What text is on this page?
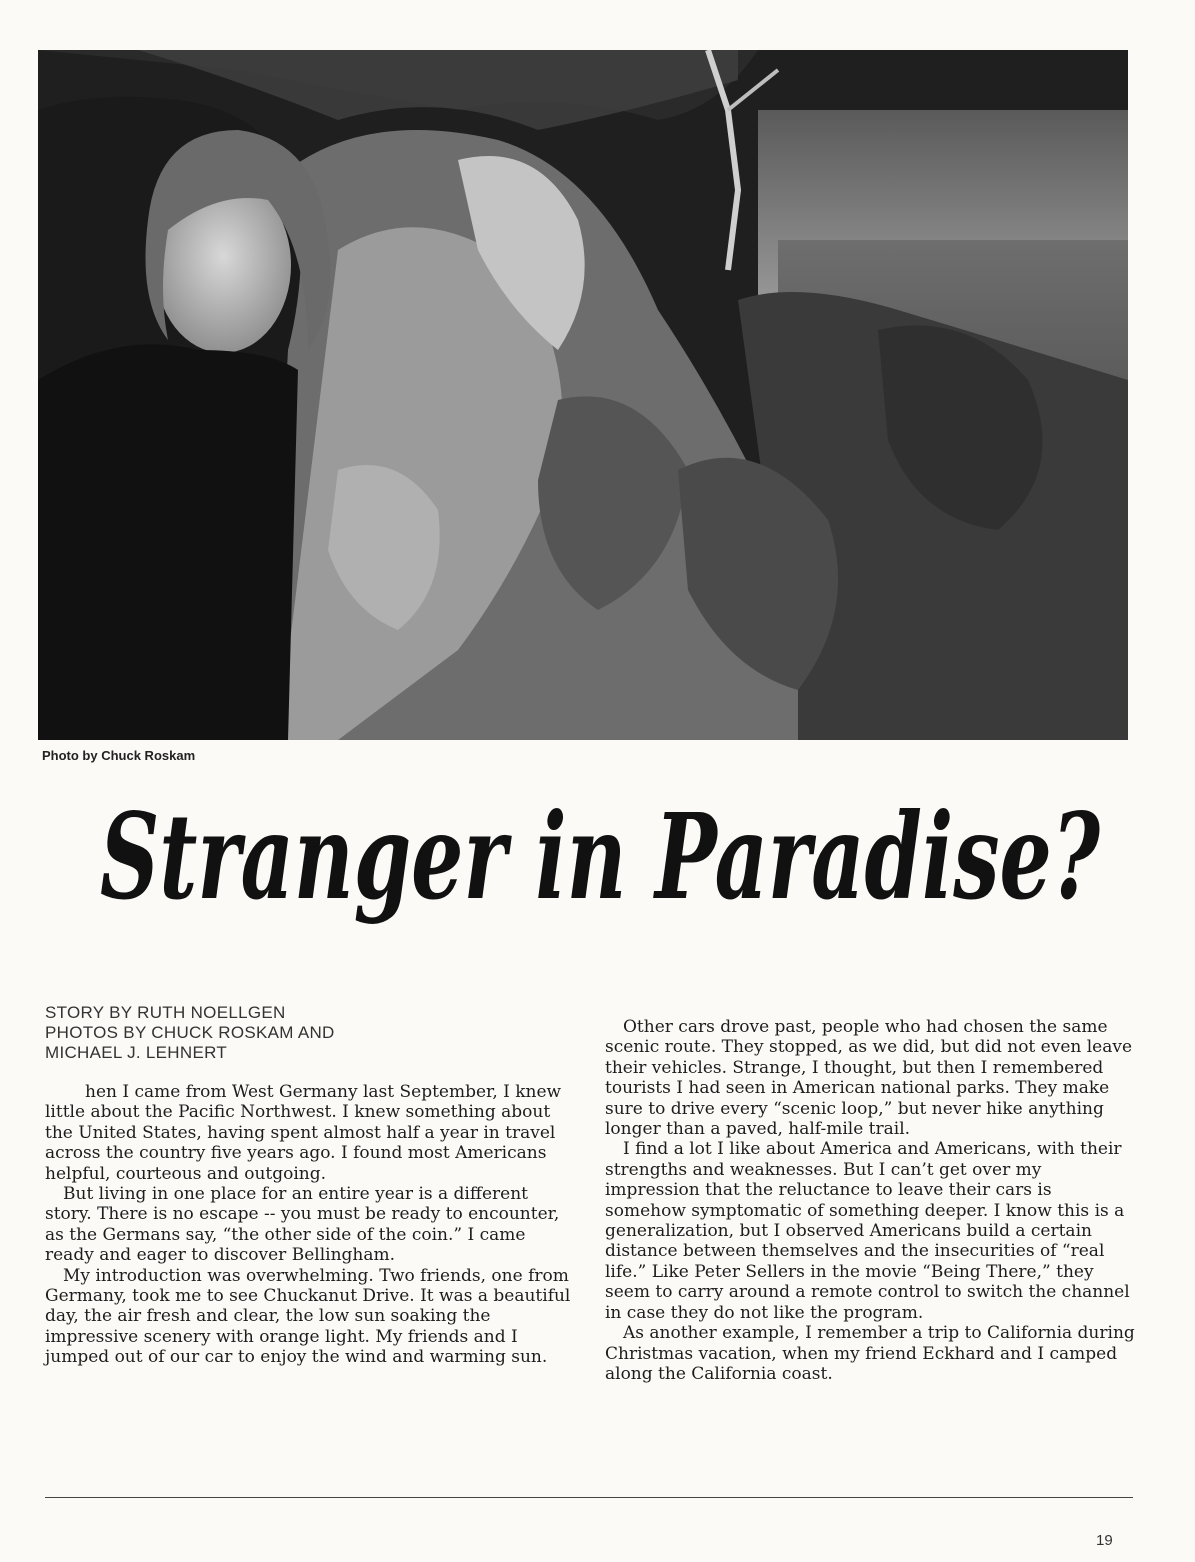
Photo by Chuck Roskam
Stranger in Paradise?
STORY BY RUTH NOELLGEN
PHOTOS BY CHUCK ROSKAM AND
MICHAEL J. LEHNERT

hen I came from West Germany last September, I knew little about the Pacific Northwest. I knew something about the United States, having spent almost half a year in travel across the country five years ago. I found most Americans helpful, courteous and outgoing.

But living in one place for an entire year is a different story. There is no escape -- you must be ready to encounter, as the Germans say, “the other side of the coin.” I came ready and eager to discover Bellingham.

My introduction was overwhelming. Two friends, one from Germany, took me to see Chuckanut Drive. It was a beautiful day, the air fresh and clear, the low sun soaking the impressive scenery with orange light. My friends and I jumped out of our car to enjoy the wind and warming sun.

Other cars drove past, people who had chosen the same scenic route. They stopped, as we did, but did not even leave their vehicles. Strange, I thought, but then I remembered tourists I had seen in American national parks. They make sure to drive every “scenic loop,” but never hike anything longer than a paved, half-mile trail.

I find a lot I like about America and Americans, with their strengths and weaknesses. But I can’t get over my impression that the reluctance to leave their cars is somehow symptomatic of something deeper. I know this is a generalization, but I observed Americans build a certain distance between themselves and the insecurities of “real life.” Like Peter Sellers in the movie “Being There,” they seem to carry around a remote control to switch the channel in case they do not like the program.

As another example, I remember a trip to California during Christmas vacation, when my friend Eckhard and I camped along the California coast.

19
